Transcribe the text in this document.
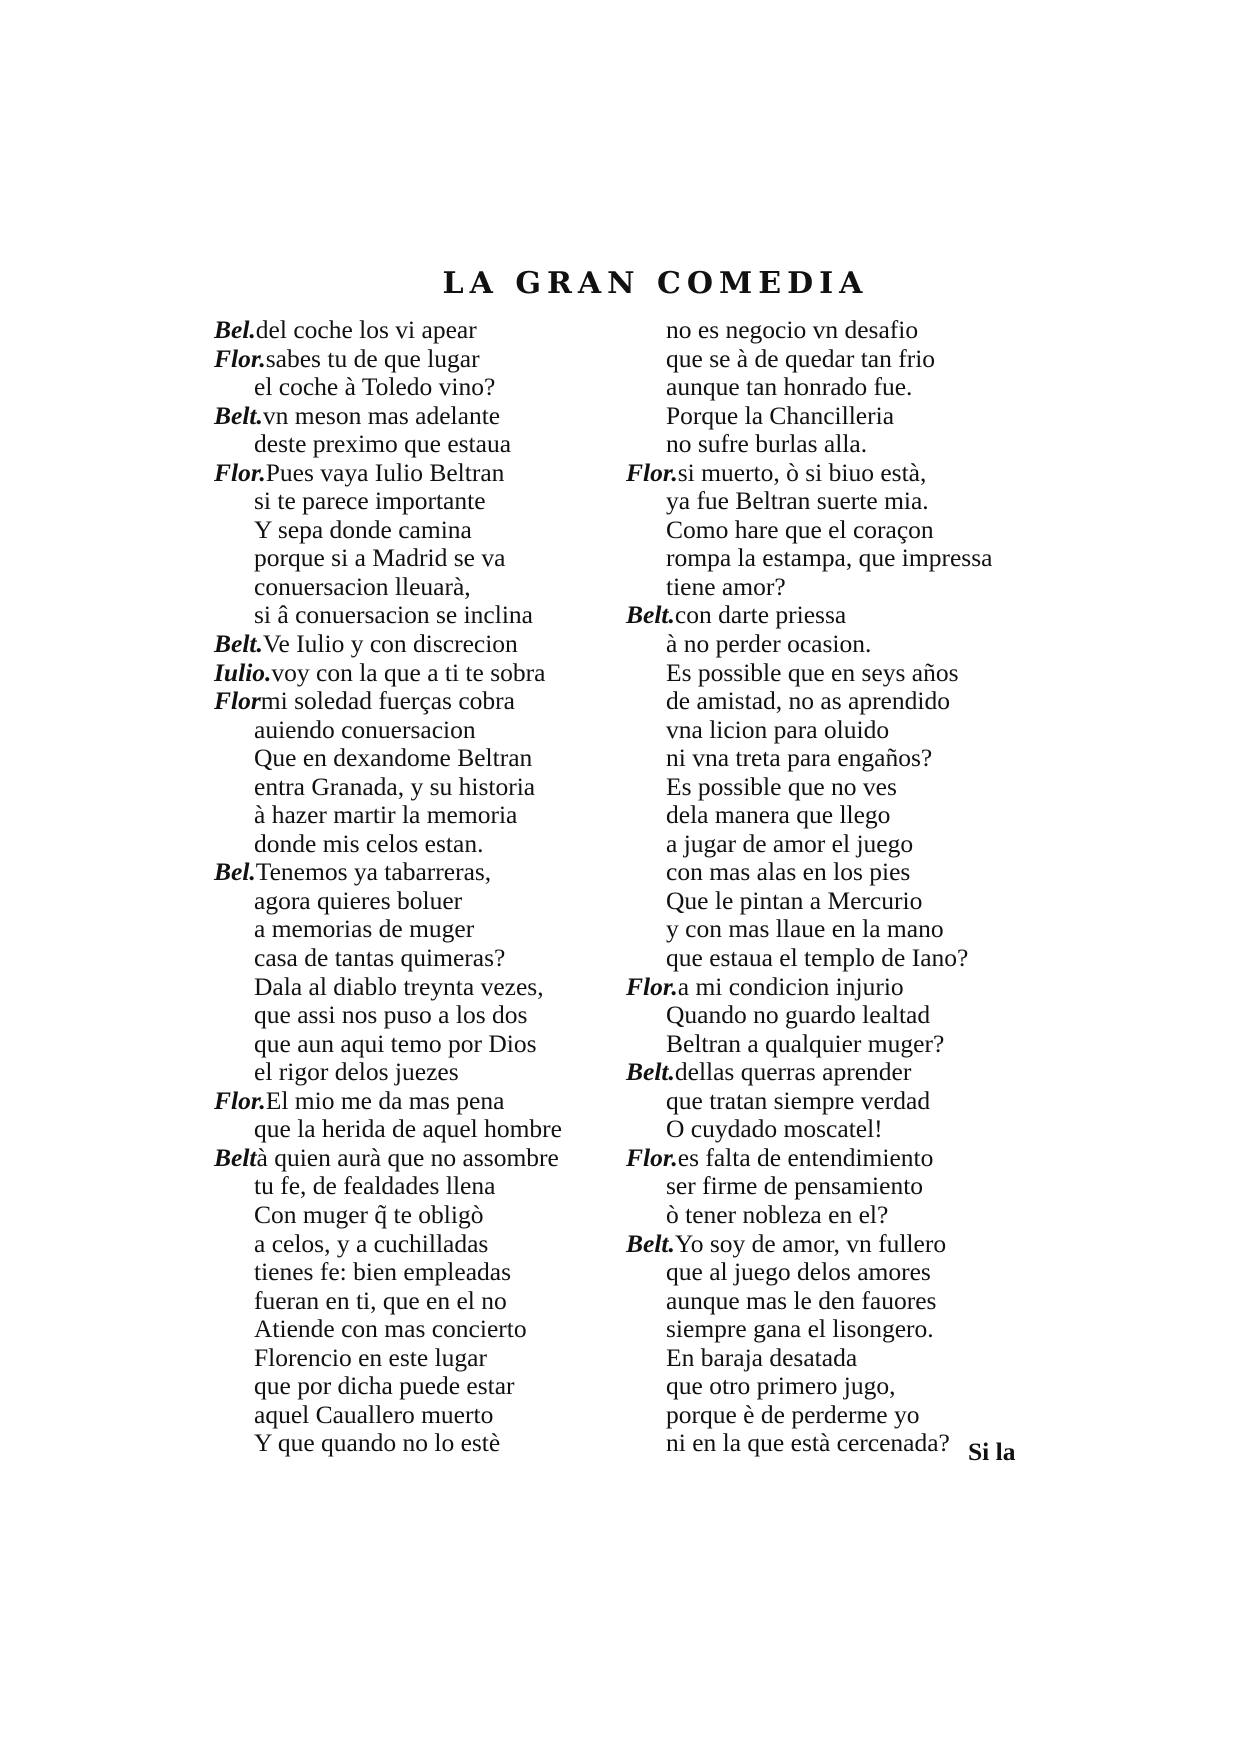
LA GRAN COMEDIA
Bel.del coche los vi apear
Flor.sabes tu de que lugar
el coche à Toledo vino?
Belt.vn meson mas adelante
deste preximo que estaua
Flor.Pues vaya Iulio Beltran
si te parece importante
Y sepa donde camina
porque si a Madrid se va
conuersacion lleuarà,
si â conuersacion se inclina
Belt.Ve Iulio y con discrecion
Iulio.voy con la que a ti te sobra
Flormi soledad fuerças cobra
auiendo conuersacion
Que en dexandome Beltran
entra Granada, y su historia
à hazer martir la memoria
donde mis celos estan.
Bel.Tenemos ya tabarreras,
agora quieres boluer
a memorias de muger
casa de tantas quimeras?
Dala al diablo treynta vezes,
que assi nos puso a los dos
que aun aqui temo por Dios
el rigor delos juezes
Flor.El mio me da mas pena
que la herida de aquel hombre
Beltà quien aurà que no assombre
tu fe, de fealdades llena
Con muger q̃ te obligò
a celos, y a cuchilladas
tienes fe: bien empleadas
fueran en ti, que en el no
Atiende con mas concierto
Florencio en este lugar
que por dicha puede estar
aquel Cauallero muerto
Y que quando no lo estè
no es negocio vn desafio
que se à de quedar tan frio
aunque tan honrado fue.
Porque la Chancilleria
no sufre burlas alla.
Flor.si muerto, ò si biuo està,
ya fue Beltran suerte mia.
Como hare que el coraçon
rompa la estampa, que impressa
tiene amor?
Belt.con darte priessa
à no perder ocasion.
Es possible que en seys años
de amistad, no as aprendido
vna licion para oluido
ni vna treta para engaños?
Es possible que no ves
dela manera que llego
a jugar de amor el juego
con mas alas en los pies
Que le pintan a Mercurio
y con mas llaue en la mano
que estaua el templo de Iano?
Flor.a mi condicion injurio
Quando no guardo lealtad
Beltran a qualquier muger?
Belt.dellas querras aprender
que tratan siempre verdad
O cuydado moscatel!
Flor.es falta de entendimiento
ser firme de pensamiento
ò tener nobleza en el?
Belt.Yo soy de amor, vn fullero
que al juego delos amores
aunque mas le den fauores
siempre gana el lisongero.
En baraja desatada
que otro primero jugo,
porque è de perderme yo
ni en la que està cercenada? Si la
